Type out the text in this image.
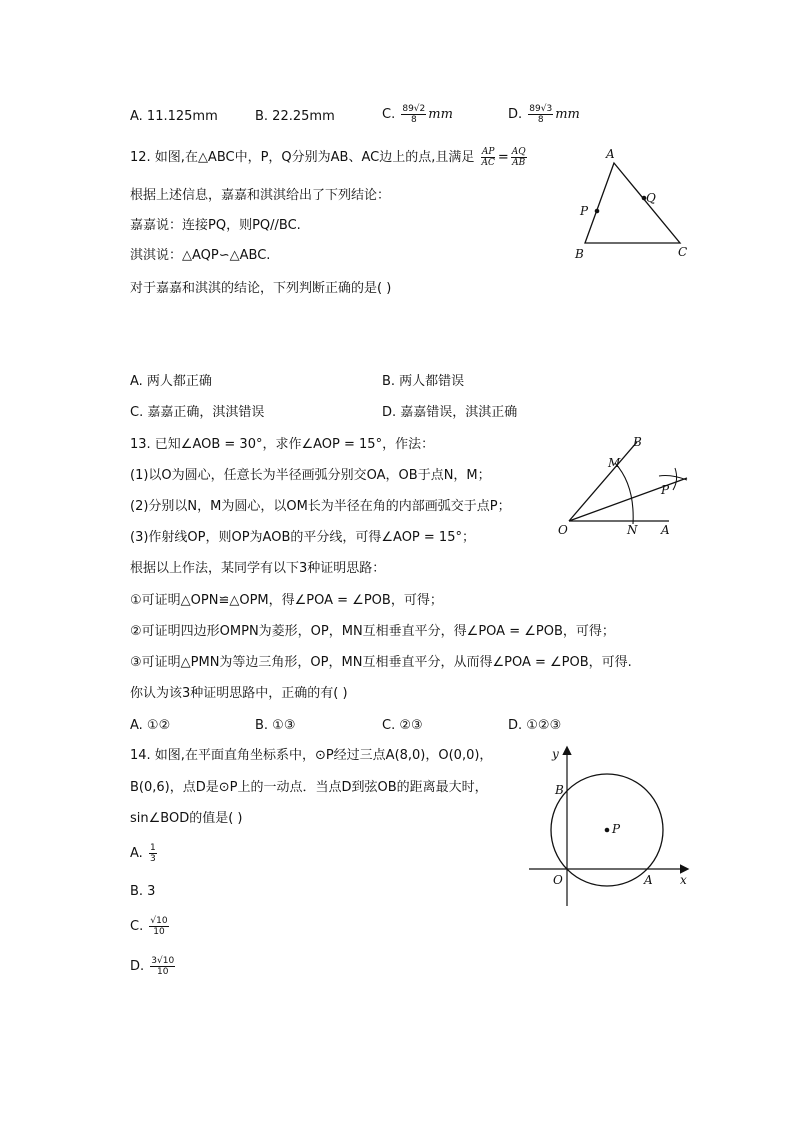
A. 11.125mm	B. 22.25mm	C. $\frac{89√2}{8}$ mm	D. $\frac{89√3}{8}$ mm
12. 如图,在△ABC中，P，Q分别为AB、AC边上的点,且满足 $\frac{AP}{AC} = \frac{AQ}{AB}$
根据上述信息，嘉嘉和淇淇给出了下列结论：
嘉嘉说：连接PQ，则PQ//BC.
淇淇说：△AQP∽△ABC.
对于嘉嘉和淇淇的结论，下列判断正确的是( )
A. 两人都正确	B. 两人都错误
C. 嘉嘉正确，淇淇错误	D. 嘉嘉错误，淇淇正确
A
B	C
P
Q
13. 已知∠AOB = 30°，求作∠AOP = 15°，作法：
(1)以O为圆心，任意长为半径画弧分别交OA，OB于点N，M；
(2)分别以N，M为圆心，以OM长为半径在角的内部画弧交于点P；
(3)作射线OP，则OP为AOB的平分线，可得∠AOP = 15°；
根据以上作法，某同学有以下3种证明思路：
①可证明△OPN≌△OPM，得∠POA = ∠POB，可得；
②可证明四边形OMPN为菱形，OP，MN互相垂直平分，得∠POA = ∠POB，可得；
③可证明△PMN为等边三角形，OP，MN互相垂直平分，从而得∠POA = ∠POB，可得.
你认为该3种证明思路中，正确的有( )
A. ①②	B. ①③	C. ②③	D. ①②③
O	A
B
M
N
P
14. 如图,在平面直角坐标系中，⊙P经过三点A(8,0)，O(0,0)，
B(0,6)，点D是⊙P上的一动点．当点D到弦OB的距离最大时，
sin∠BOD的值是( )
A. $\frac{1}{3}$
B. 3
C. $\frac{√10}{10}$
D. $\frac{3√10}{10}$
y
x
O	A
B
P
